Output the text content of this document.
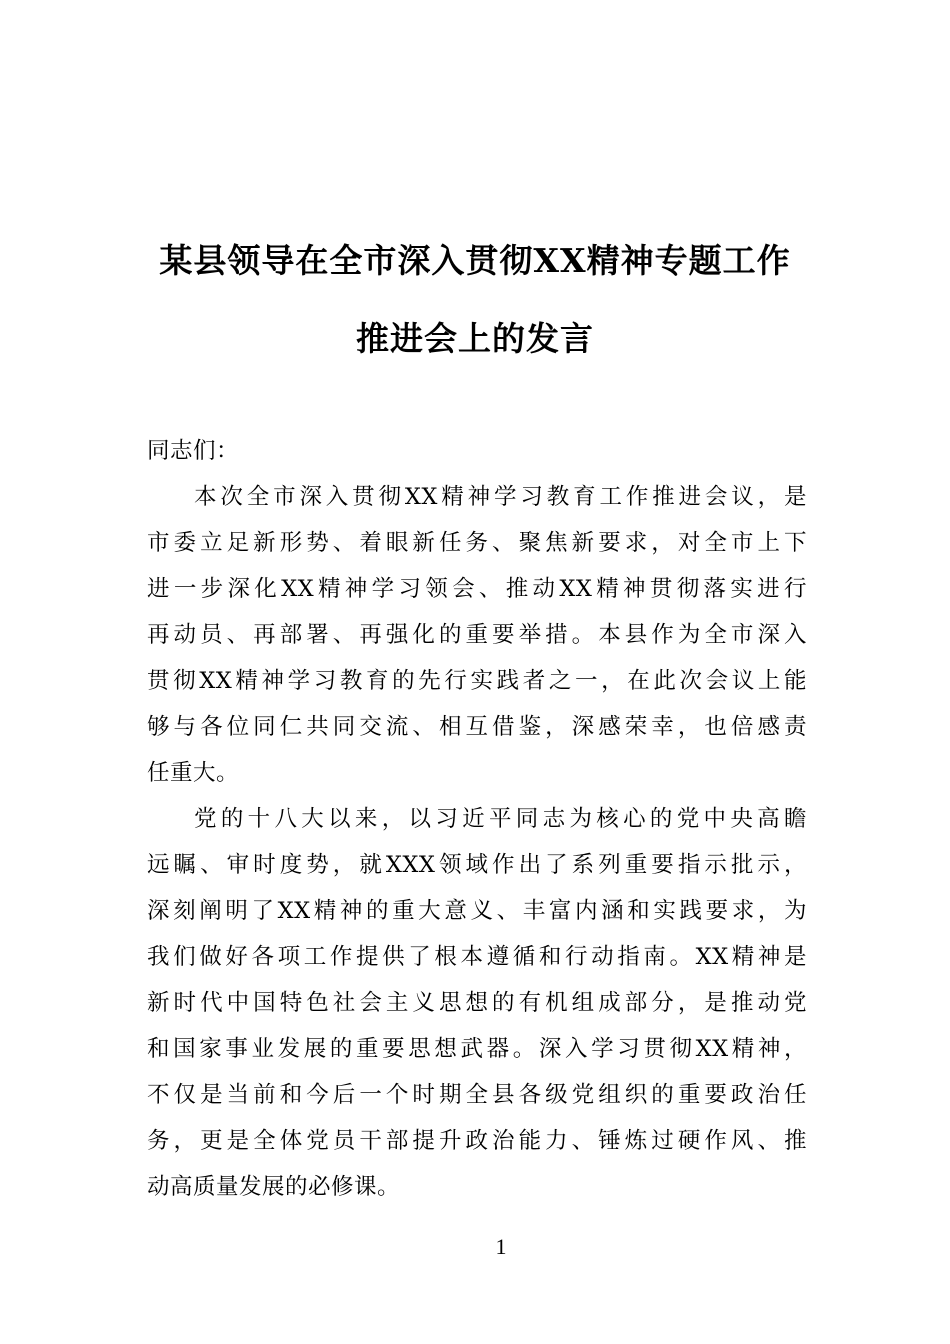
某县领导在全市深入贯彻XX精神专题工作
推进会上的发言
同志们：
本次全市深入贯彻XX精神学习教育工作推进会议，是
市委立足新形势、着眼新任务、聚焦新要求，对全市上下
进一步深化XX精神学习领会、推动XX精神贯彻落实进行
再动员、再部署、再强化的重要举措。本县作为全市深入
贯彻XX精神学习教育的先行实践者之一，在此次会议上能
够与各位同仁共同交流、相互借鉴，深感荣幸，也倍感责
任重大。
党的十八大以来，以习近平同志为核心的党中央高瞻
远瞩、审时度势，就XXX领域作出了系列重要指示批示，
深刻阐明了XX精神的重大意义、丰富内涵和实践要求，为
我们做好各项工作提供了根本遵循和行动指南。XX精神是
新时代中国特色社会主义思想的有机组成部分，是推动党
和国家事业发展的重要思想武器。深入学习贯彻XX精神，
不仅是当前和今后一个时期全县各级党组织的重要政治任
务，更是全体党员干部提升政治能力、锤炼过硬作风、推
动高质量发展的必修课。
1
